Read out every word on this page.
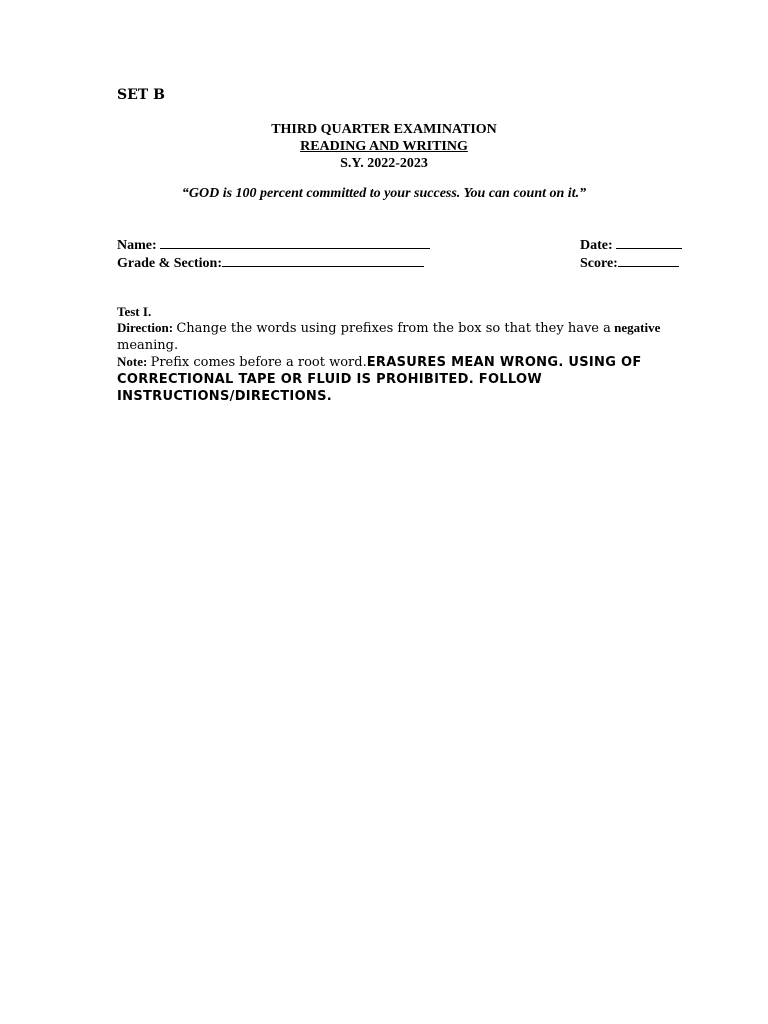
SET B
THIRD QUARTER EXAMINATION
READING AND WRITING
S.Y. 2022-2023
“GOD is 100 percent committed to your success. You can count on it.”
Name:	Date:
Grade & Section:	Score:
Test I.
Direction: Change the words using prefixes from the box so that they have a negative meaning.
Note: Prefix comes before a root word.ERASURES MEAN WRONG. USING OF CORRECTIONAL TAPE OR FLUID IS PROHIBITED. FOLLOW INSTRUCTIONS/DIRECTIONS.
